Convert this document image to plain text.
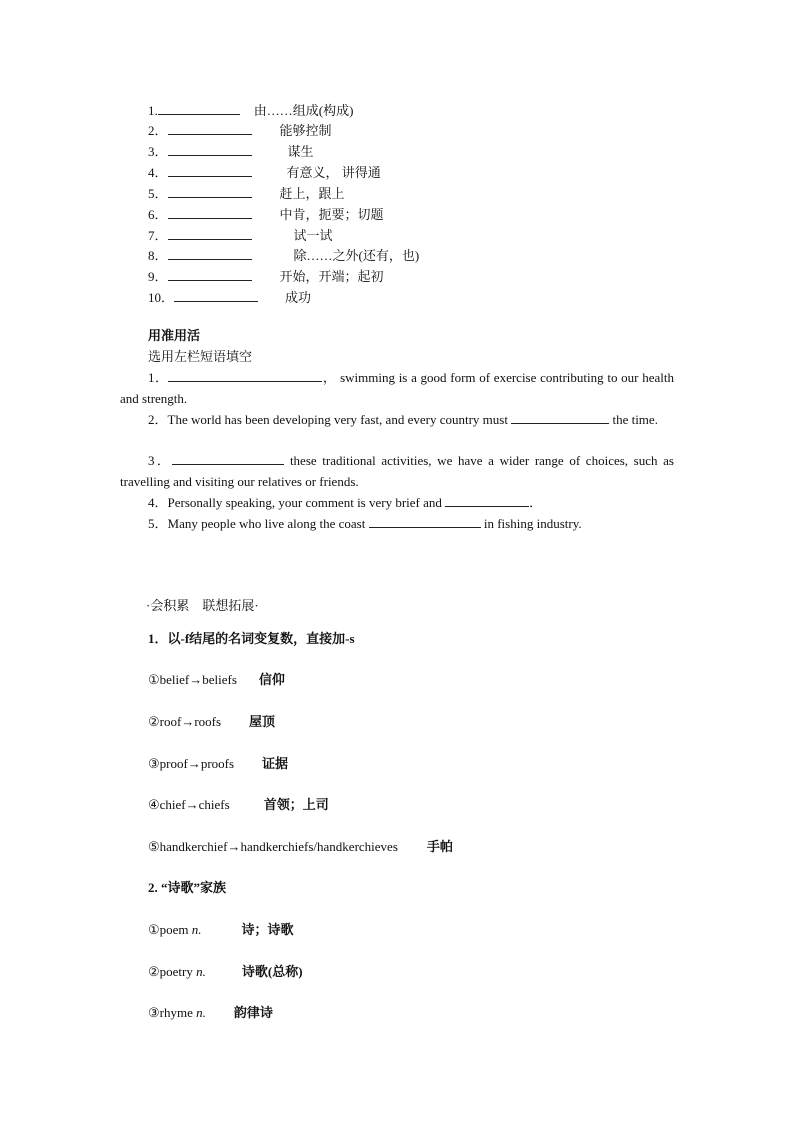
1.	由……组成(构成)
2．	能够控制
3．	谋生
4．	有意义， 讲得通
5．	赶上，跟上
6．	中肯，扼要；切题
7．	试一试
8．	除……之外(还有，也)
9．	开始，开端；起初
10．	成功
用准用活
选用左栏短语填空

1．	， swimming is a good form of exercise contributing to our health and strength.

2．The world has been developing very fast, and every country must	the time.

3．	these traditional activities, we have a wider range of choices, such as travelling and visiting our relatives or friends.

4．Personally speaking, your comment is very brief and	．

5．Many people who live along the coast	in fishing industry.

·会积累　联想拓展·
1．以-f结尾的名词变复数，直接加-s
①belief→beliefs 信仰
②roof→roofs 屋顶
③proof→proofs 证据
④chief→chiefs	首领；上司
⑤handkerchief→handkerchiefs/handkerchieves 手帕
2. “诗歌”家族
①poem n.	诗；诗歌
②poetry n.	诗歌(总称)
③rhyme n. 韵律诗
